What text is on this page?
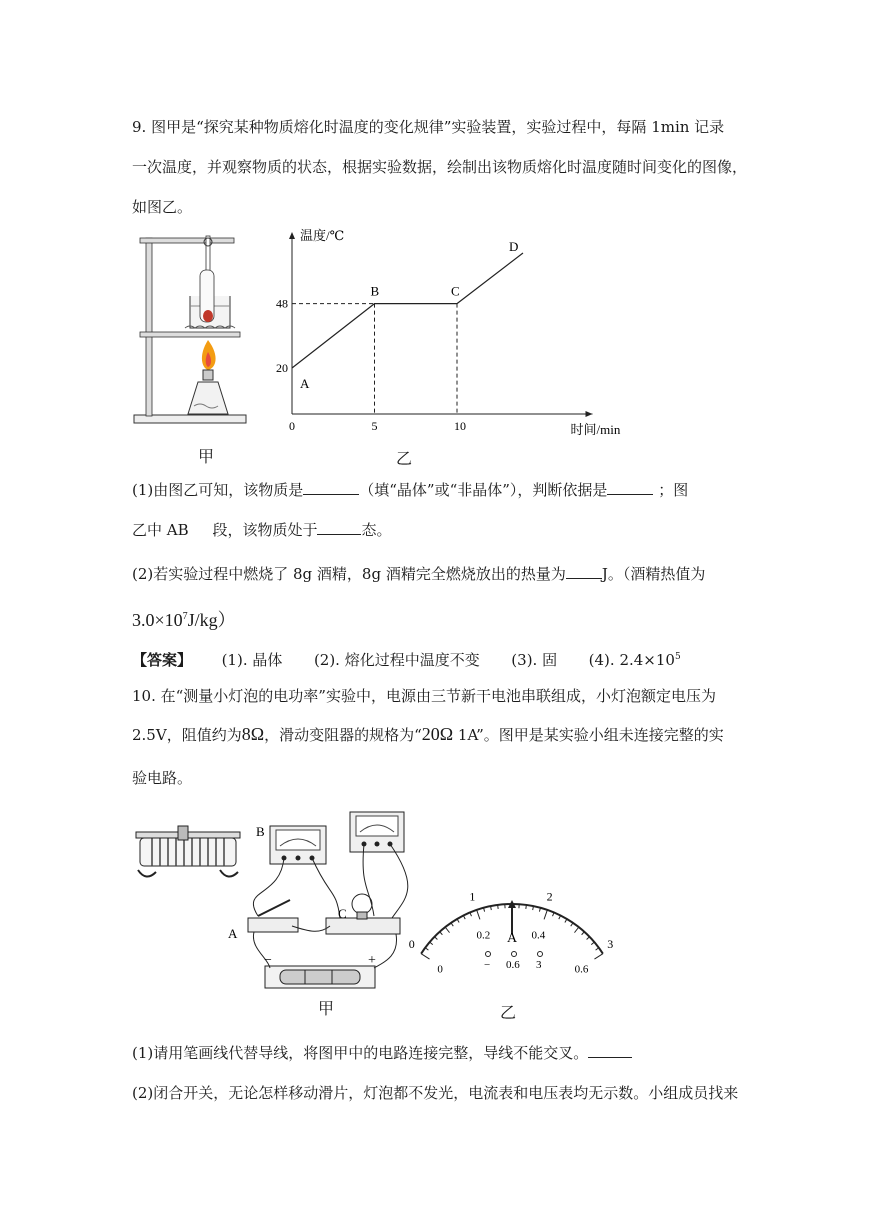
9. 图甲是“探究某种物质熔化时温度的变化规律”实验装置，实验过程中，每隔 1min 记录
一次温度，并观察物质的状态，根据实验数据，绘制出该物质熔化时温度随时间变化的图像，
如图乙。
甲
温度/℃
时间/min
0	5	10
20
48
A
B	C
D
乙
(1)由图乙可知，该物质是	（填“晶体”或“非晶体”），判断依据是	；图
乙中 AB 段，该物质处于	态。
(2)若实验过程中燃烧了 8g 酒精，8g 酒精完全燃烧放出的热量为 J。（酒精热值为
$3.0\times 10^7J/kg$）
【答案】 (1). 晶体 (2). 熔化过程中温度不变 (3). 固 (4). $2.4\times 10^5$
10. 在“测量小灯泡的电功率”实验中，电源由三节新干电池串联组成，小灯泡额定电压为
2.5V，阻值约为8Ω，滑动变阻器的规格为“20Ω 1A”。图甲是某实验小组未连接完整的实
验电路。
B
C
A
−	+
甲
0
1	2
3
0
0.2	0.4
0.6
A
− 0.6 3
乙
(1)请用笔画线代替导线，将图甲中的电路连接完整，导线不能交叉。
(2)闭合开关，无论怎样移动滑片，灯泡都不发光，电流表和电压表均无示数。小组成员找来
